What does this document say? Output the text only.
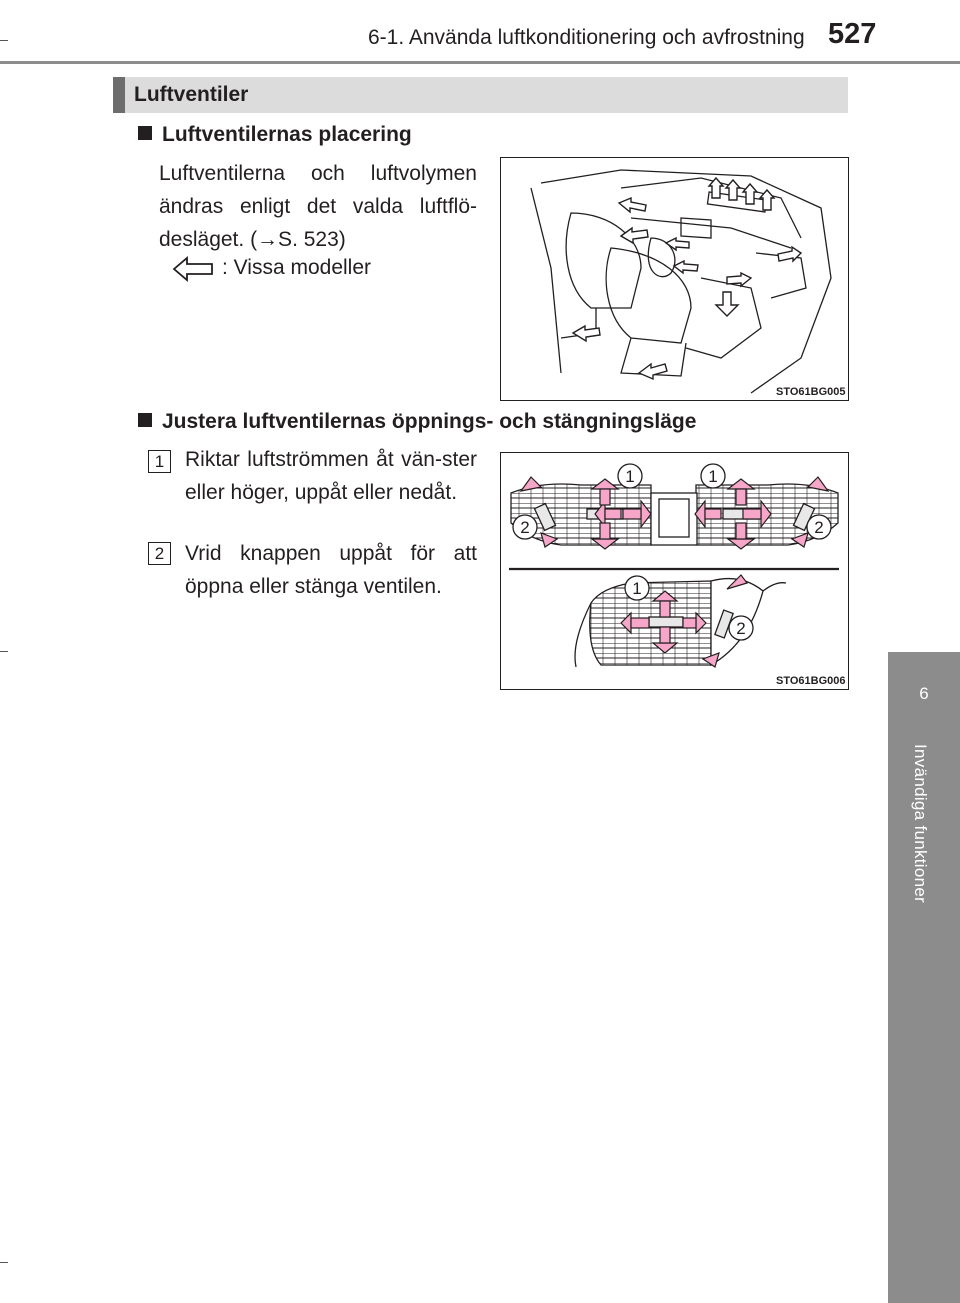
6-1. Använda luftkonditionering och avfrostning 527
6
Invändiga funktioner
Luftventiler
Luftventilernas placering
Luftventilerna och luftvolymen ändras enligt det valda luftflö-desläget. (→S. 523)
: Vissa modeller
STO61BG005
Justera luftventilernas öppnings- och stängningsläge
1 Riktar luftströmmen åt vän-ster eller höger, uppåt eller nedåt.
2 Vrid knappen uppåt för att öppna eller stänga ventilen.
1	1
2	2
1
2
STO61BG006
